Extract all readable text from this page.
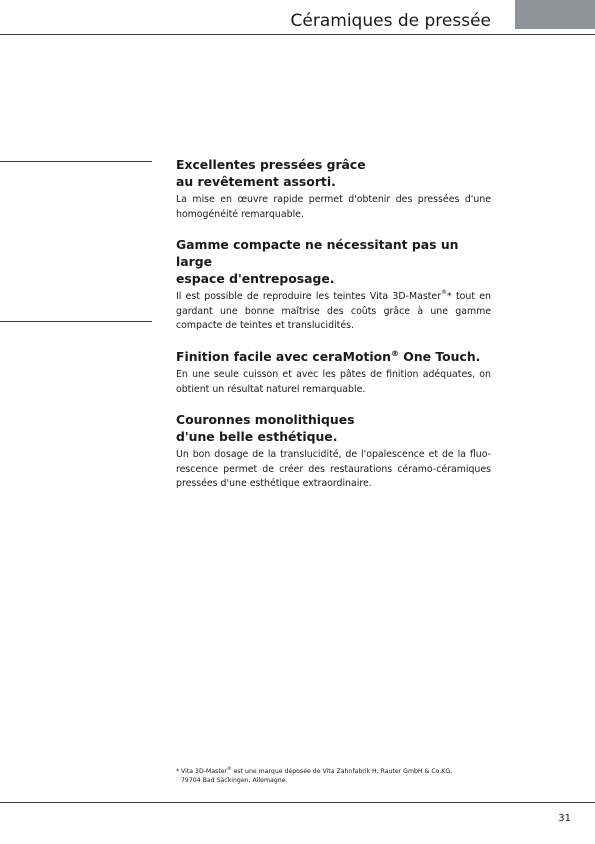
Céramiques de pressée
Excellentes pressées grâce
au revêtement assorti.

La mise en œuvre rapide permet d'obtenir des pressées d'une homogénéité remarquable.

Gamme compacte ne nécessitant pas un large
espace d'entreposage.

Il est possible de reproduire les teintes Vita 3D-Master®* tout en gardant une bonne maîtrise des coûts grâce à une gamme compacte de teintes et translucidités.

Finition facile avec ceraMotion® One Touch.

En une seule cuisson et avec les pâtes de finition adéquates, on obtient un résultat naturel remarquable.

Couronnes monolithiques
d'une belle esthétique.

Un bon dosage de la translucidité, de l'opalescence et de la fluo-rescence permet de créer des restaurations céramo-céramiques pressées d'une esthétique extraordinaire.

* Vita 3D-Master® est une marque déposée de Vita Zahnfabrik H. Rauter GmbH & Co.KG,
79704 Bad Säckingen, Allemagne.
31
